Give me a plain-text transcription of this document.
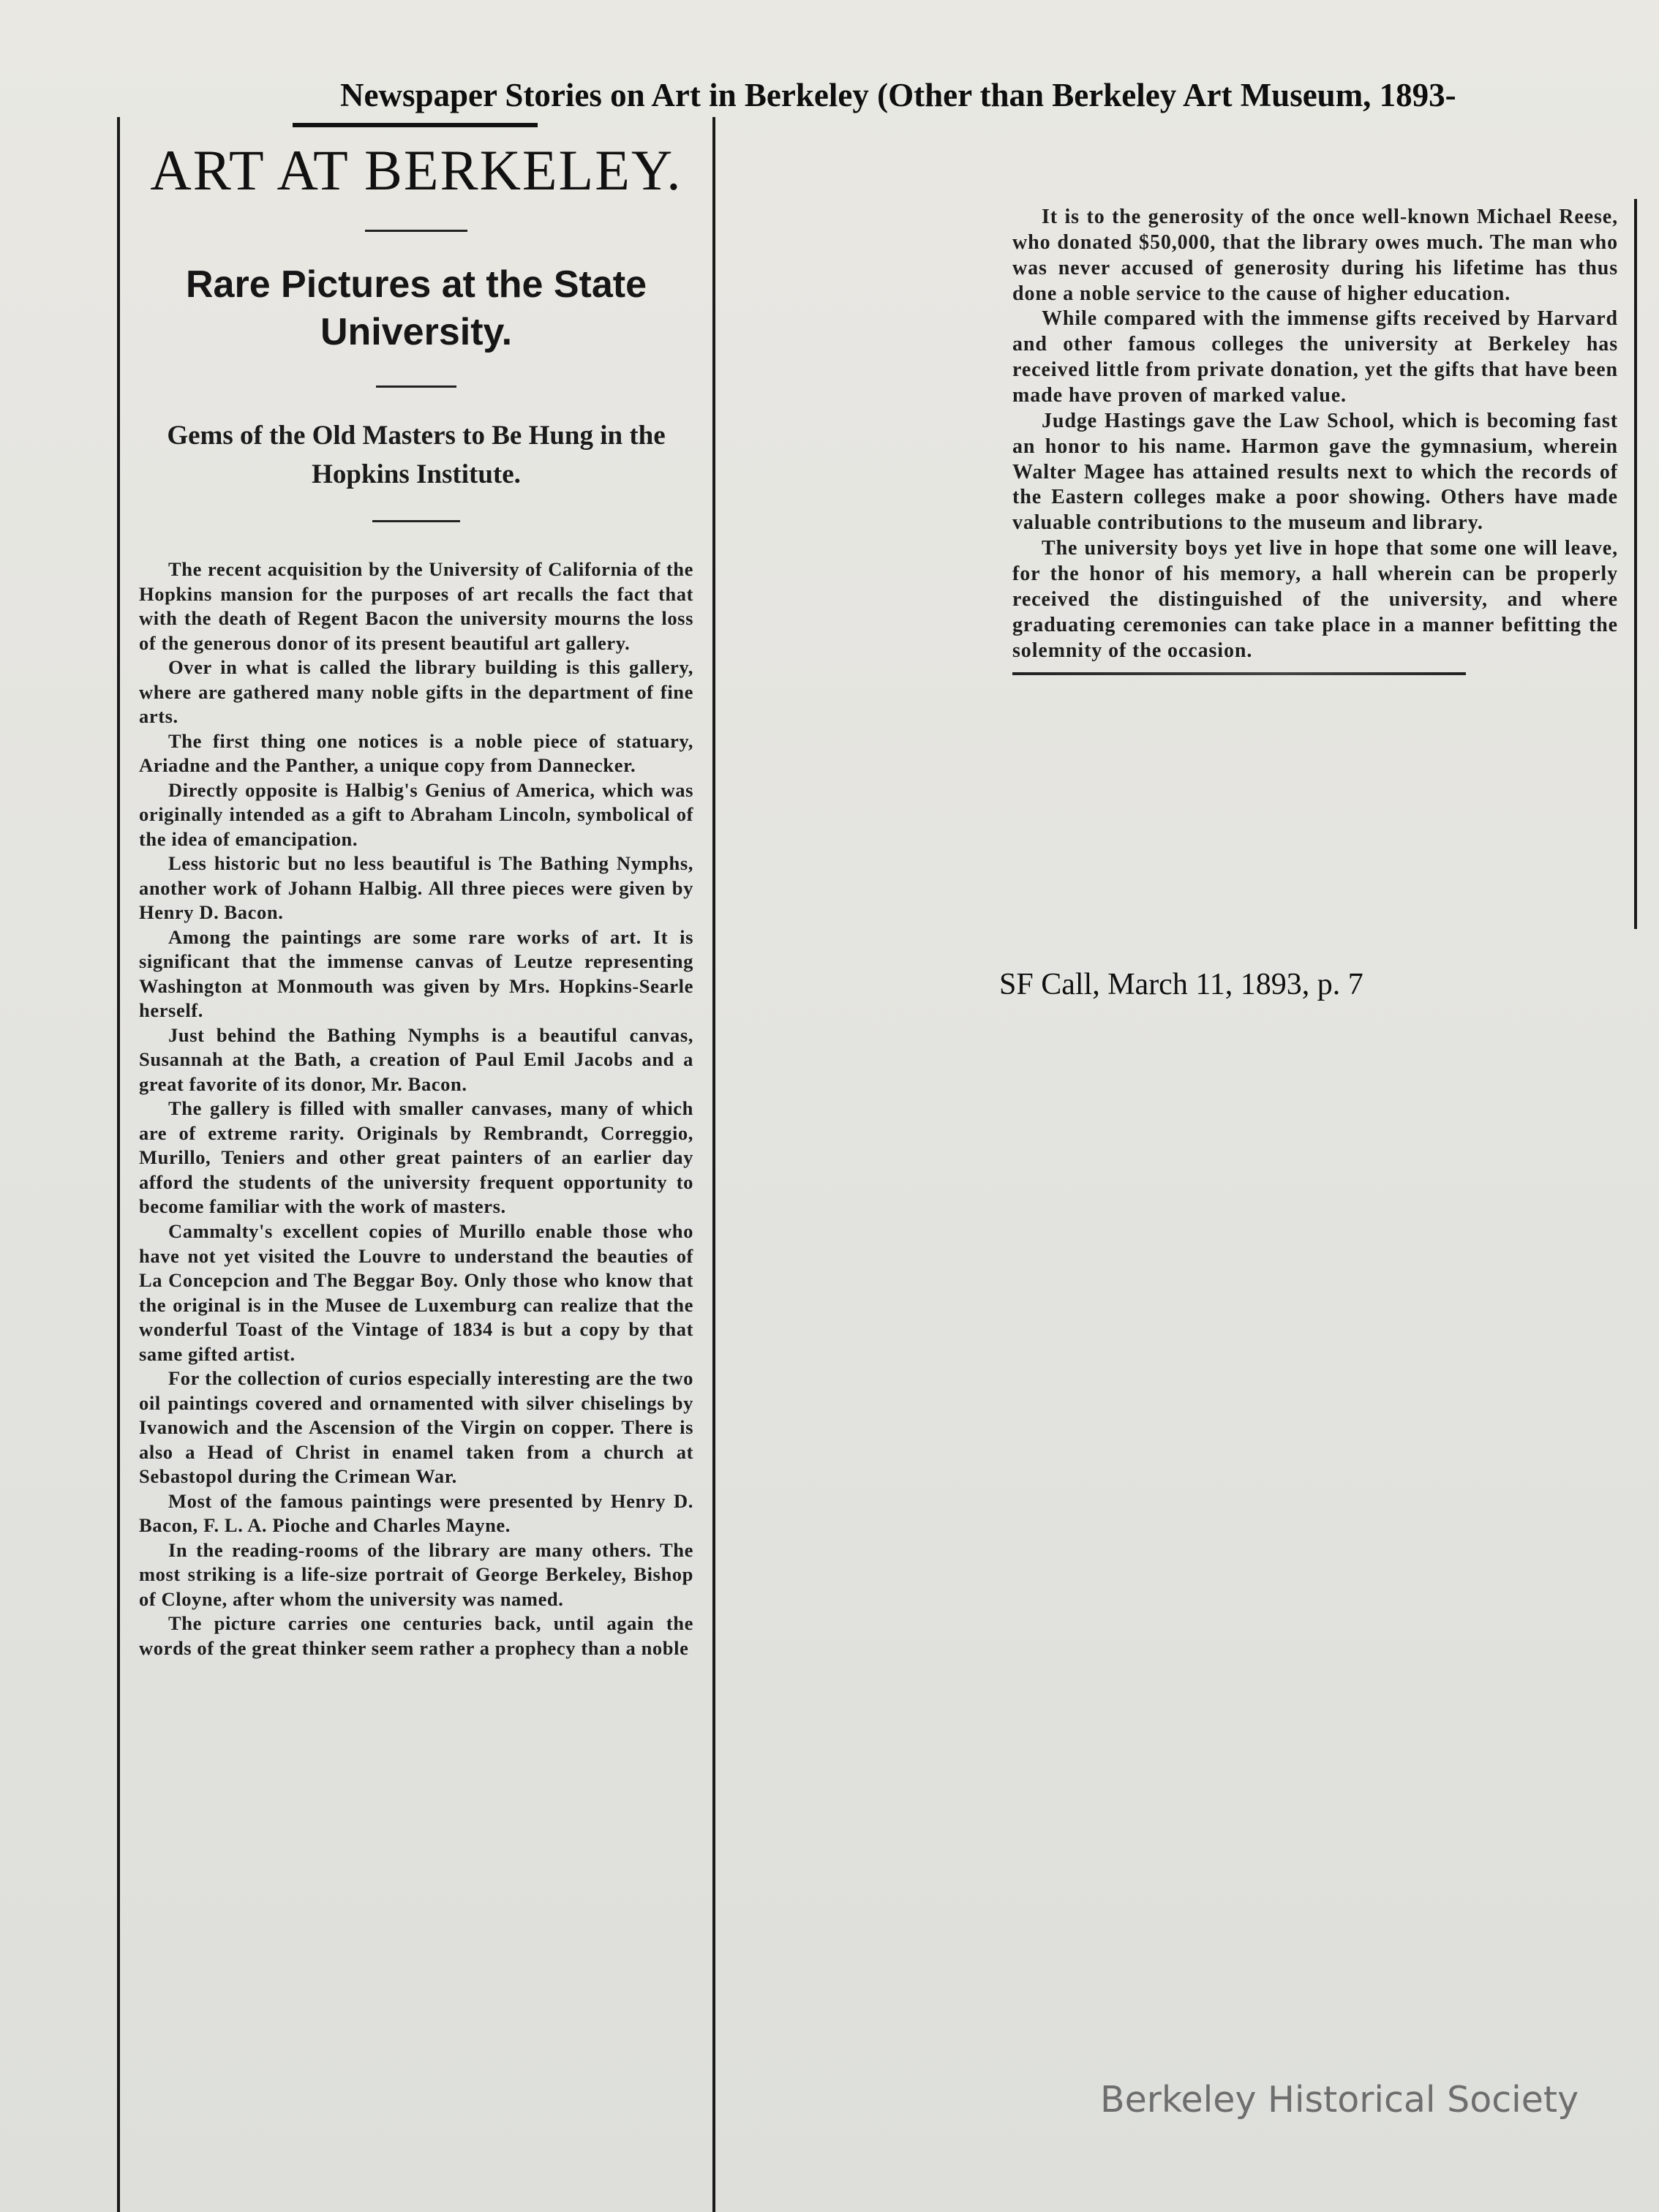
Newspaper Stories on Art in Berkeley (Other than Berkeley Art Museum, 1893-
ART AT BERKELEY.
Rare Pictures at the State University.
Gems of the Old Masters to Be Hung in the Hopkins Institute.

The recent acquisition by the University of California of the Hopkins mansion for the purposes of art recalls the fact that with the death of Regent Bacon the university mourns the loss of the generous donor of its present beautiful art gallery.

Over in what is called the library building is this gallery, where are gathered many noble gifts in the department of fine arts.

The first thing one notices is a noble piece of statuary, Ariadne and the Panther, a unique copy from Dannecker.

Directly opposite is Halbig's Genius of America, which was originally intended as a gift to Abraham Lincoln, symbolical of the idea of emancipation.

Less historic but no less beautiful is The Bathing Nymphs, another work of Johann Halbig. All three pieces were given by Henry D. Bacon.

Among the paintings are some rare works of art. It is significant that the immense canvas of Leutze representing Washington at Monmouth was given by Mrs. Hopkins-Searle herself.

Just behind the Bathing Nymphs is a beautiful canvas, Susannah at the Bath, a creation of Paul Emil Jacobs and a great favorite of its donor, Mr. Bacon.

The gallery is filled with smaller canvases, many of which are of extreme rarity. Originals by Rembrandt, Correggio, Murillo, Teniers and other great painters of an earlier day afford the students of the university frequent opportunity to become familiar with the work of masters.

Cammalty's excellent copies of Murillo enable those who have not yet visited the Louvre to understand the beauties of La Concepcion and The Beggar Boy. Only those who know that the original is in the Musee de Luxemburg can realize that the wonderful Toast of the Vintage of 1834 is but a copy by that same gifted artist.

For the collection of curios especially interesting are the two oil paintings covered and ornamented with silver chiselings by Ivanowich and the Ascension of the Virgin on copper. There is also a Head of Christ in enamel taken from a church at Sebastopol during the Crimean War.

Most of the famous paintings were presented by Henry D. Bacon, F. L. A. Pioche and Charles Mayne.

In the reading-rooms of the library are many others. The most striking is a life-size portrait of George Berkeley, Bishop of Cloyne, after whom the university was named.

The picture carries one centuries back, until again the words of the great thinker seem rather a prophecy than a noble

It is to the generosity of the once well-known Michael Reese, who donated $50,000, that the library owes much. The man who was never accused of generosity during his lifetime has thus done a noble service to the cause of higher education.

While compared with the immense gifts received by Harvard and other famous colleges the university at Berkeley has received little from private donation, yet the gifts that have been made have proven of marked value.

Judge Hastings gave the Law School, which is becoming fast an honor to his name. Harmon gave the gymnasium, wherein Walter Magee has attained results next to which the records of the Eastern colleges make a poor showing. Others have made valuable contributions to the museum and library.

The university boys yet live in hope that some one will leave, for the honor of his memory, a hall wherein can be properly received the distinguished of the university, and where graduating ceremonies can take place in a manner befitting the solemnity of the occasion.

SF Call, March 11, 1893, p. 7
Berkeley Historical Society
